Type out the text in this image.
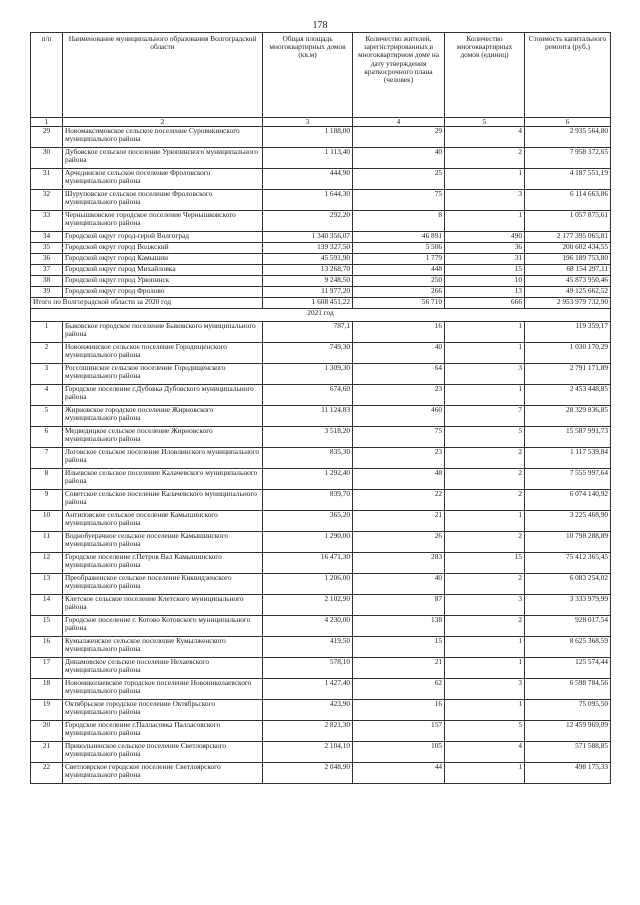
178
п/п	Наименование муниципального образования Волгоградской области	Общая площадь многоквартирных домов (кв.м)	Количество жителей, зарегистрированных в многоквартирном доме на дату утверждения краткосрочного плана (человек)	Количество многоквартирных домов (единиц)	Стоимость капитального ремонта (руб.)
1	2	3	4	5	6
29	Новомаксимовское сельское поселение Суровикинского муниципального района	1 188,00	29	4	2 935 564,80
30	Дубовское сельское поселение Урюпинского муниципального района	1 113,40	40	2	7 958 372,65
31	Арчединское сельское поселение Фроловского муниципального района	444,90	25	1	4 187 551,19
32	Шуруповское сельское поселение Фроловского муниципального района	1 644,30	75	3	6 114 663,86
33	Чернышковское городское поселение Чернышковского муниципального района	292,20	8	1	1 057 875,61
34	Городской округ город-герой Волгоград	1 340 356,07	46 891	490	2 177 395 065,81
35	Городской округ город Волжский	139 327,50	5 506	36	200 602 434,55
36	Городской округ город Камышин	45 591,90	1 779	31	196 189 753,80
37	Городской округ город Михайловка	13 268,70	448	15	68 154 297,11
38	Городской округ город Урюпинск	9 248,50	250	10	45 873 950,46
39	Городской округ город Фролово	11 977,20	266	13	49 125 662,52
Итого по Волгоградской области за 2020 год		1 608 451,22	56 710	666	2 953 979 732,90
2021 год					
1	Быковское городское поселение Быковского муниципального района	787,1	16	1	119 359,17
2	Новонжинское сельское поселение Городищенского муниципального района	749,30	40	1	1 030 170,29
3	Россошинское сельское поселение Городищенского муниципального района	1 309,30	64	3	2 791 171,89
4	Городское поселение г.Дубовка Дубовского муниципального района	674,60	23	1	2 453 448,85
5	Жирновское городское поселение Жирновского муниципального района	11 124,83	460	7	28 329 836,85
6	Медведицкое сельское поселение Жирновского муниципального района	3 518,20	75	5	15 587 991,73
7	Логовское сельское поселение Иловлинского муниципального района	835,30	23	2	1 117 539,84
8	Ильевское сельское поселение Калачевского муниципального района	1 292,40	48	2	7 555 997,64
9	Советское сельское поселение Калачевского муниципального района	839,70	22	2	6 074 140,92
10	Антиповское сельское поселение Камышинского муниципального района	365,20	21	1	3 225 468,90
11	Воднобуерачное сельское поселение Камышинского муниципального района	1 290,00	26	2	10 798 288,89
12	Городское поселение г.Петров Вал Камышинского муниципального района	16 471,30	283	15	75 412 365,45
13	Преображенское сельское поселение Киквидзенского муниципального района	1 206,00	40	2	6 083 254,02
14	Клетское сельское поселение Клетского муниципального района	2 102,90	87	3	3 333 979,99
15	Городское поселение г. Котово Котовского муниципального района	4 230,00	138	2	928 017,54
16	Кумылженское сельское поселение Кумылженского муниципального района	419,50	15	1	8 625 368,59
17	Динамовское сельское поселение Нехаевского муниципального района	578,10	21	1	125 574,44
18	Новониколаевское городское поселение Новониколаевского муниципального района	1 427,40	62	3	6 598 784,56
19	Октябрьское городское поселение Октябрьского муниципального района	423,90	16	1	75 095,50
20	Городское поселение г.Палласовка Палласовского муниципального района	2 821,30	157	5	12 459 969,09
21	Привольненское сельское поселение Светлоярского муниципального района	2 104,10	105	4	571 588,85
22	Светлоярское городское поселение Светлоярского муниципального района	2 048,90	44	1	498 175,33
